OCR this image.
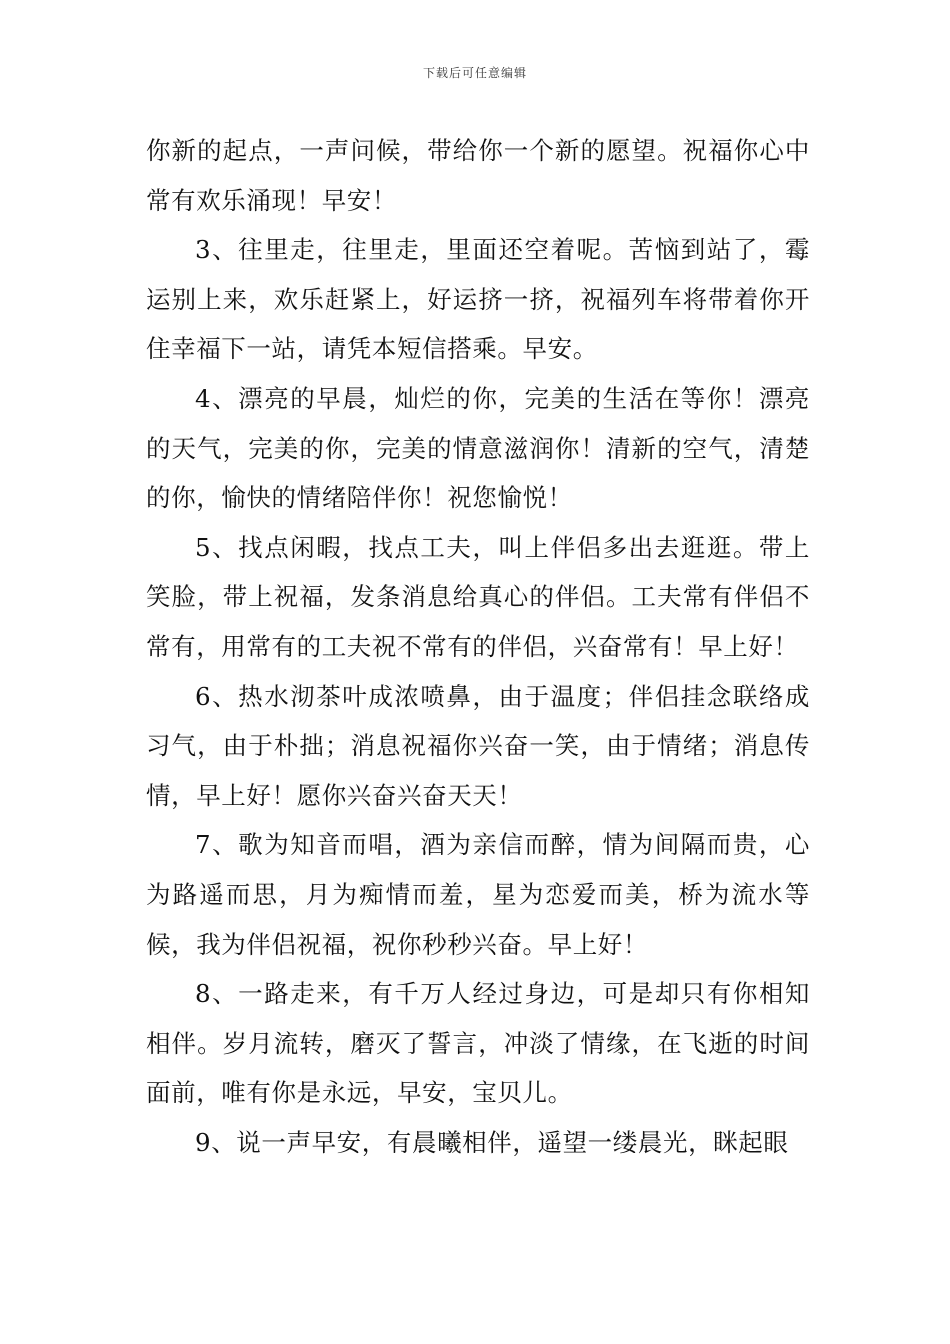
下载后可任意编辑

你新的起点，一声问候，带给你一个新的愿望。祝福你心中常有欢乐涌现！早安！

3、往里走，往里走，里面还空着呢。苦恼到站了，霉运别上来，欢乐赶紧上，好运挤一挤，祝福列车将带着你开住幸福下一站，请凭本短信搭乘。早安。

4、漂亮的早晨，灿烂的你，完美的生活在等你！漂亮的天气，完美的你，完美的情意滋润你！清新的空气，清楚的你，愉快的情绪陪伴你！祝您愉悦！

5、找点闲暇，找点工夫，叫上伴侣多出去逛逛。带上笑脸，带上祝福，发条消息给真心的伴侣。工夫常有伴侣不常有，用常有的工夫祝不常有的伴侣，兴奋常有！早上好！

6、热水沏茶叶成浓喷鼻，由于温度；伴侣挂念联络成习气，由于朴拙；消息祝福你兴奋一笑，由于情绪；消息传情，早上好！愿你兴奋兴奋天天！

7、歌为知音而唱，酒为亲信而醉，情为间隔而贵，心为路遥而思，月为痴情而羞，星为恋爱而美，桥为流水等候，我为伴侣祝福，祝你秒秒兴奋。早上好！

8、一路走来，有千万人经过身边，可是却只有你相知相伴。岁月流转，磨灭了誓言，冲淡了情缘，在飞逝的时间面前，唯有你是永远，早安，宝贝儿。

9、说一声早安，有晨曦相伴，遥望一缕晨光，眯起眼
